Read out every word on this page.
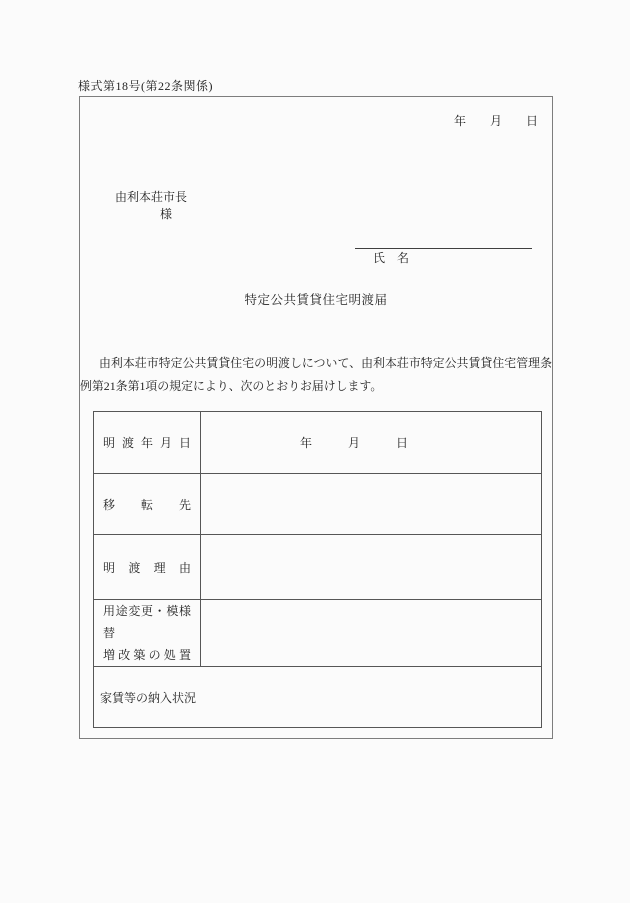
様式第18号(第22条関係)
年　　月　　日

由利本荘市長
様

氏　名

特定公共賃貸住宅明渡届
由利本荘市特定公共賃貸住宅の明渡しについて、由利本荘市特定公共賃貸住宅管理条
例第21条第1項の規定により、次のとおりお届けします。
明 渡 年 月 日	年　　　月　　　日
移 転 先	
明 渡 理 由	

用途変更・模様替
増 改 築 の 処 置	

家賃等の納入状況	
